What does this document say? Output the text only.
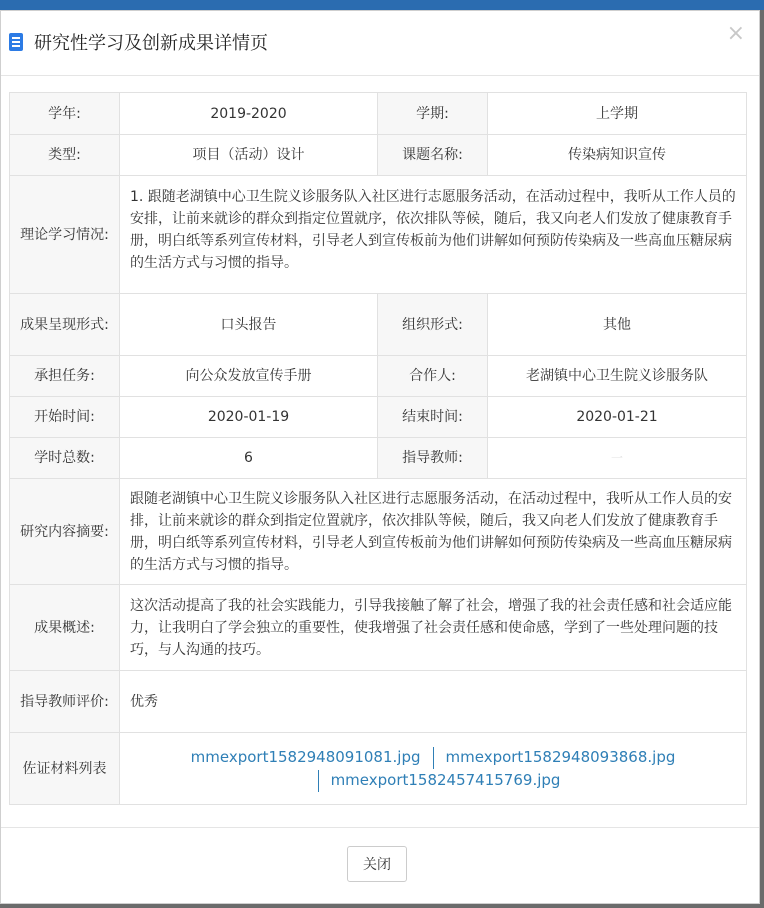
研究性学习及创新成果详情页	×
学年:	2019-2020	学期:	上学期
类型:	项目（活动）设计	课题名称:	传染病知识宣传
理论学习情况:	1. 跟随老湖镇中心卫生院义诊服务队入社区进行志愿服务活动，在活动过程中，我听从工作人员的安排，让前来就诊的群众到指定位置就序，依次排队等候，随后，我又向老人们发放了健康教育手册，明白纸等系列宣传材料，引导老人到宣传板前为他们讲解如何预防传染病及一些高血压糖尿病的生活方式与习惯的指导。		
成果呈现形式:	口头报告	组织形式:	其他
承担任务:	向公众发放宣传手册	合作人:	老湖镇中心卫生院义诊服务队
开始时间:	2020-01-19	结束时间:	2020-01-21
学时总数:	6	指导教师:	一
研究内容摘要:	跟随老湖镇中心卫生院义诊服务队入社区进行志愿服务活动，在活动过程中，我听从工作人员的安排，让前来就诊的群众到指定位置就序，依次排队等候，随后，我又向老人们发放了健康教育手册，明白纸等系列宣传材料，引导老人到宣传板前为他们讲解如何预防传染病及一些高血压糖尿病的生活方式与习惯的指导。		
成果概述:	这次活动提高了我的社会实践能力，引导我接触了解了社会，增强了我的社会责任感和社会适应能力，让我明白了学会独立的重要性，使我增强了社会责任感和使命感，学到了一些处理问题的技巧，与人沟通的技巧。		
指导教师评价:	优秀		
佐证材料列表	mmexport1582948091081.jpg mmexport1582948093868.jpg
mmexport1582457415769.jpg		
关闭
